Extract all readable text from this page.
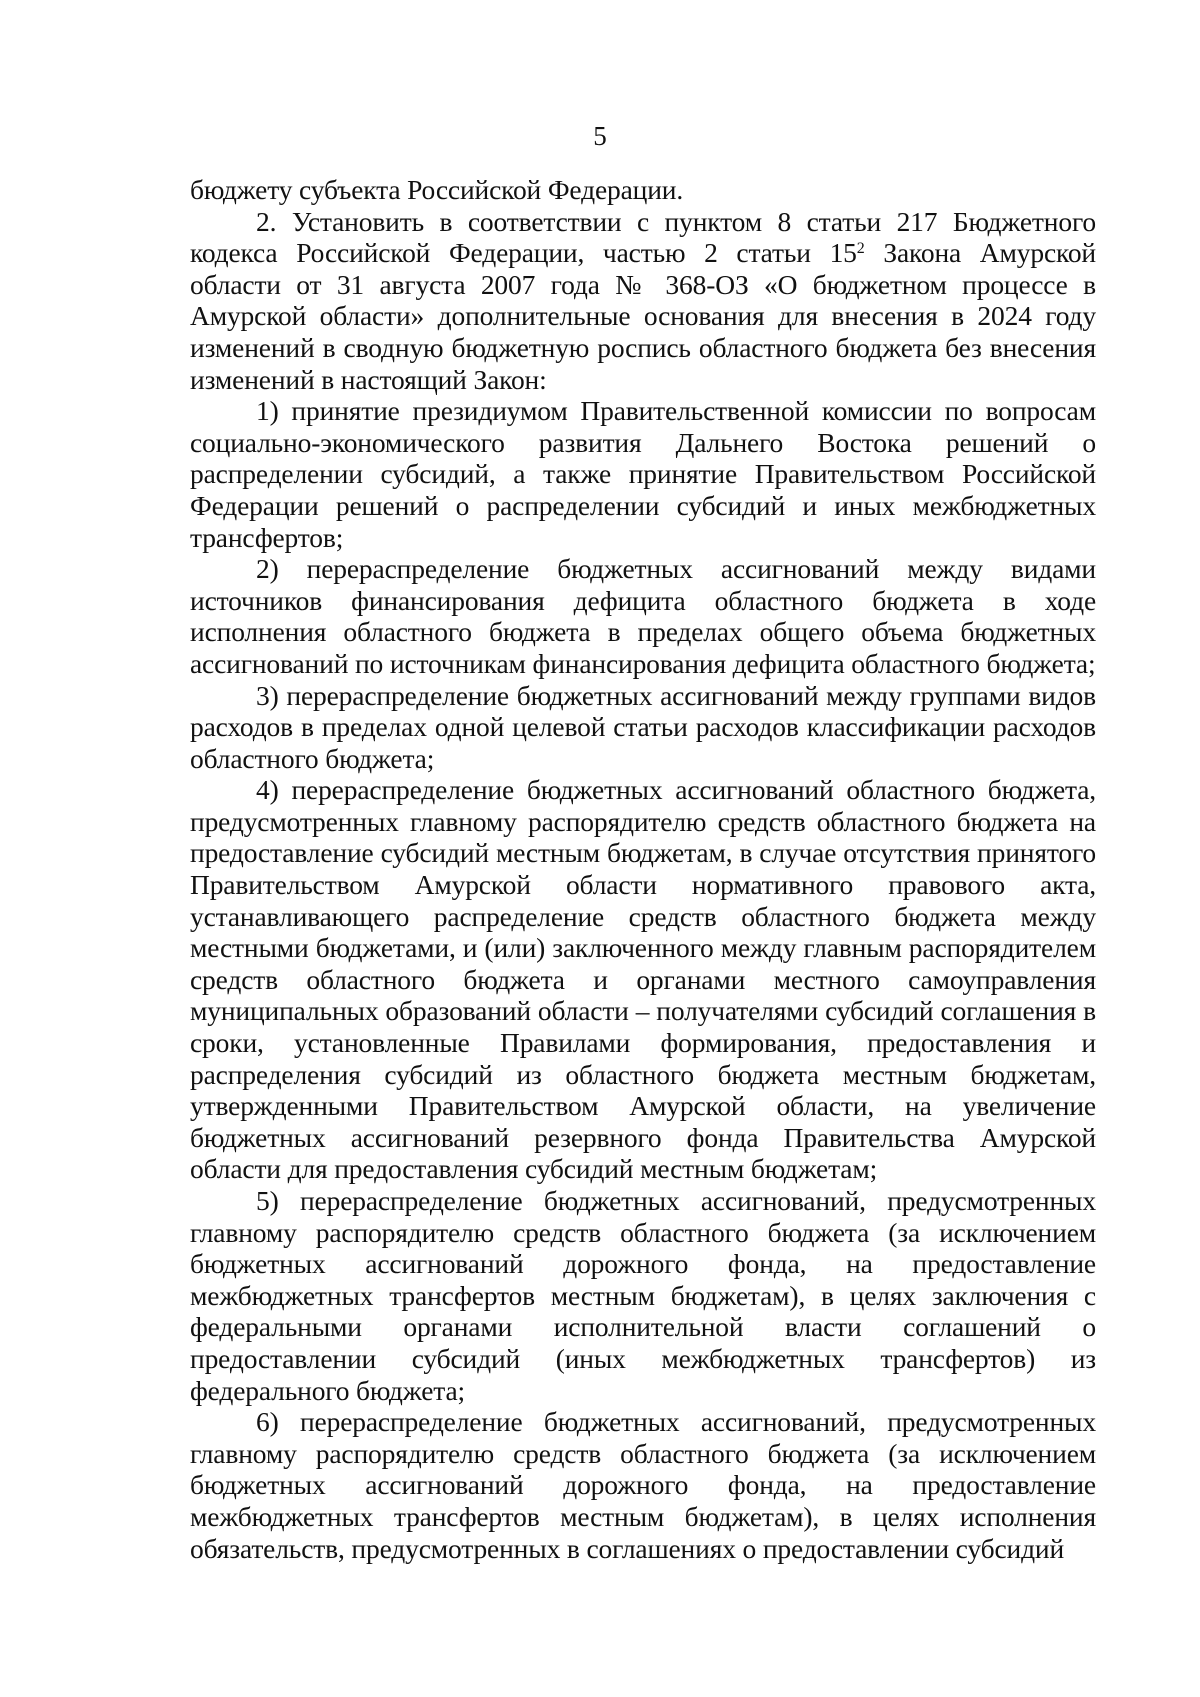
5

бюджету субъекта Российской Федерации.

2. Установить в соответствии с пунктом 8 статьи 217 Бюджетного кодекса Российской Федерации, частью 2 статьи $15^2$ Закона Амурской области от 31 августа 2007 года № 368-ОЗ «О бюджетном процессе в Амурской области» дополнительные основания для внесения в 2024 году изменений в сводную бюджетную роспись областного бюджета без внесения изменений в настоящий Закон:

1) принятие президиумом Правительственной комиссии по вопросам социально-экономического развития Дальнего Востока решений о распределении субсидий, а также принятие Правительством Российской Федерации решений о распределении субсидий и иных межбюджетных трансфертов;

2) перераспределение бюджетных ассигнований между видами источников финансирования дефицита областного бюджета в ходе исполнения областного бюджета в пределах общего объема бюджетных ассигнований по источникам финансирования дефицита областного бюджета;

3) перераспределение бюджетных ассигнований между группами видов расходов в пределах одной целевой статьи расходов классификации расходов областного бюджета;

4) перераспределение бюджетных ассигнований областного бюджета, предусмотренных главному распорядителю средств областного бюджета на предоставление субсидий местным бюджетам, в случае отсутствия принятого Правительством Амурской области нормативного правового акта, устанавливающего распределение средств областного бюджета между местными бюджетами, и (или) заключенного между главным распорядителем средств областного бюджета и органами местного самоуправления муниципальных образований области – получателями субсидий соглашения в сроки, установленные Правилами формирования, предоставления и распределения субсидий из областного бюджета местным бюджетам, утвержденными Правительством Амурской области, на увеличение бюджетных ассигнований резервного фонда Правительства Амурской области для предоставления субсидий местным бюджетам;

5) перераспределение бюджетных ассигнований, предусмотренных главному распорядителю средств областного бюджета (за исключением бюджетных ассигнований дорожного фонда, на предоставление межбюджетных трансфертов местным бюджетам), в целях заключения с федеральными органами исполнительной власти соглашений о предоставлении субсидий (иных межбюджетных трансфертов) из федерального бюджета;

6) перераспределение бюджетных ассигнований, предусмотренных главному распорядителю средств областного бюджета (за исключением бюджетных ассигнований дорожного фонда, на предоставление межбюджетных трансфертов местным бюджетам), в целях исполнения обязательств, предусмотренных в соглашениях о предоставлении субсидий
